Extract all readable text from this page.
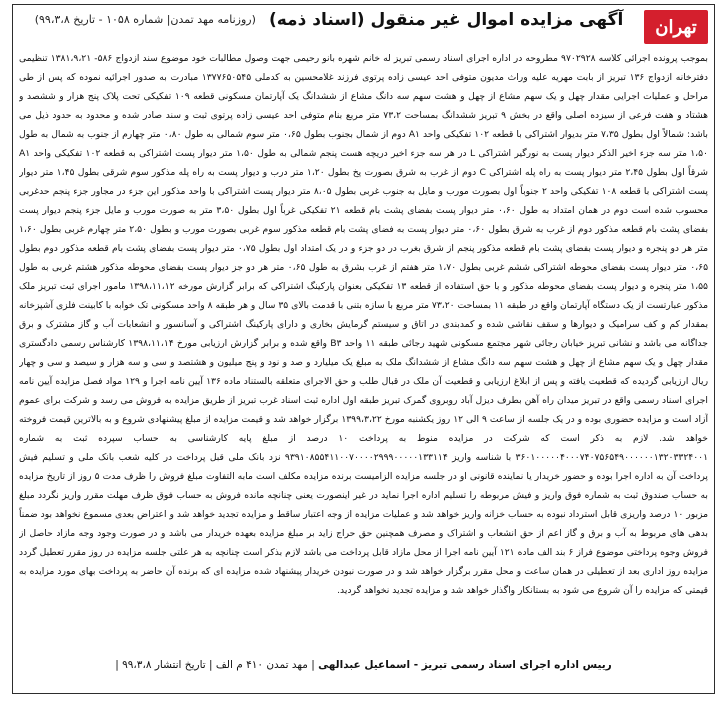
تهران
آگهی مزایده اموال غیر منقول (اسناد ذمه) (روزنامه مهد تمدن| شماره ۱۰۵۸ - تاریخ ۹۹،۳،۸)
بموجب پرونده اجرائی کلاسه ۹۷۰۲۹۲۸ مطروحه در اداره اجرای اسناد رسمی تبریز له خانم شهره بانو رحیمی جهت وصول مطالبات خود موضوع سند ازدواج ۵۸۶- ۱۳۸۱،۹،۲۱ تنظیمی دفترخانه ازدواج ۱۳۶ تبریز از بابت مهریه علیه وراث مدیون متوفی احد عیسی زاده پرتوی فرزند غلامحسین به کدملی ۱۳۷۷۶۵۰۵۴۵ مبادرت به صدور اجرائیه نموده که پس از طی مراحل و عملیات اجرایی مقدار چهل و یک سهم مشاع از چهل و هشت سهم سه دانگ مشاع از ششدانگ یک آپارتمان مسکونی قطعه ۱۰۹ تفکیکی تحت پلاک پنج هزار و ششصد و هشتاد و هفت فرعی از سیزده اصلی واقع در بخش ۹ تبریز ششدانگ بمساحت ۷۳،۲ متر مربع بنام متوفی احد عیسی زاده پرتوی ثبت و سند صادر شده و محدود به حدود ذیل می باشد: شمالاً اول بطول ۷،۳۵ متر بدیوار اشتراکی با قطعه ۱۰۲ تفکیکی واحد A۱ دوم از شمال بجنوب بطول ۰،۶۵ متر سوم شمالی به طول ۰،۸۰ متر چهارم از جنوب به شمال به طول ۱،۵۰ متر سه جزء اخیر الذکر دیوار پست به نورگیر اشتراکی L در هر سه جزء اخیر دریچه هست پنجم شمالی به طول ۱،۵۰ متر دیوار پست اشتراکی به قطعه ۱۰۲ تفکیکی واحد A۱ شرقاً اول بطول ۲،۴۵ متر دیوار پست به راه پله اشتراکی C دوم از غرب به شرق بصورت پخ بطول ۱،۲۰ متر درب و دیوار پست به راه پله مذکور سوم شرقی بطول ۱،۴۵ متر دیوار پست اشتراکی با قطعه ۱۰۸ تفکیکی واحد ۲ جنوباً اول بصورت مورب و مایل به جنوب غربی بطول ۸،۰۵ متر دیوار پست اشتراکی با واحد مذکور این جزء در مجاور جزء پنجم حدغربی محسوب شده است دوم در همان امتداد به طول ۰،۶۰ متر دیوار پست بفضای پشت بام قطعه ۲۱ تفکیکی غرباً اول بطول ۳،۵۰ متر به صورت مورب و مایل جزء پنجم دیوار پست بفضای پشت بام قطعه مذکور دوم از غرب به شرق بطول ۰،۶۰ متر دیوار پست به فضای پشت بام قطعه مذکور سوم غربی بصورت مورب و بطول ۲،۵۰ متر چهارم غربی بطول ۱،۶۰ متر هر دو پنجره و دیوار پست بفضای پشت بام قطعه مذکور پنجم از شرق بغرب در دو جزء و در یک امتداد اول بطول ۰،۷۵ متر دیوار پست بفضای پشت بام قطعه مذکور دوم بطول ۰،۶۵ متر دیوار پست بفضای محوطه اشتراکی ششم غربی بطول ۱،۷۰ متر هفتم از غرب بشرق به طول ۰،۶۵ متر هر دو جز دیوار پست بفضای محوطه مذکور هشتم غربی به طول ۱،۵۵ متر پنجره و دیوار پست بفضای محوطه مذکور و با حق استفاده از قطعه ۱۳ تفکیکی بعنوان پارکینگ اشتراکی که برابر گزارش مورخه ۱۳۹۸،۱۱،۱۲ مامور اجرای ثبت تبریز ملک مذکور عبارتست از یک دستگاه آپارتمان واقع در طبقه ۱۱ بمساحت ۷۳،۲۰ متر مربع با سازه بتنی با قدمت بالای ۳۵ سال و هر طبقه ۸ واحد مسکونی تک خوابه با کابینت فلزی آشپزخانه بمقدار کم و کف سرامیک و دیوارها و سقف نقاشی شده و کمدبندی در اتاق و سیستم گرمایش بخاری و دارای پارکینگ اشتراکی و آسانسور و انشعابات آب و گاز مشترک و برق جداگانه می باشد و نشانی تبریز خیابان رجائی شهر مجتمع مسکونی شهید رجائی طبقه ۱۱ واحد B۳ واقع شده و برابر گزارش ارزیابی مورخ ۱۳۹۸،۱۱،۱۴ کارشناس رسمی دادگستری مقدار چهل و یک سهم مشاع از چهل و هشت سهم سه دانگ مشاع از ششدانگ ملک به مبلغ یک میلیارد و صد و نود و پنج میلیون و هشتصد و سی و سه هزار و سیصد و سی و چهار ریال ارزیابی گردیده که قطعیت یافته و پس از ابلاغ ارزیابی و قطعیت آن ملک در قبال طلب و حق الاجرای متعلقه بالستناد ماده ۱۳۶ آیین نامه اجرا و ۱۲۹ مواد فصل مزایده آیین نامه اجرای اسناد رسمی واقع در تبریز میدان راه آهن بطرف دیزل آباد روبروی گمرک تبریز طبقه اول اداره ثبت اسناد غرب تبریز از طریق مزایده به فروش می رسد و شرکت برای عموم آزاد است و مزایده حضوری بوده و در یک جلسه از ساعت ۹ الی ۱۲ روز یکشنبه مورخ ۱۳۹۹،۳،۲۲ برگزار خواهد شد و قیمت مزایده از مبلغ پیشنهادی شروع و به بالاترین قیمت فروخته خواهد شد. لازم به ذکر است که شرکت در مزایده منوط به پرداخت ۱۰ درصد از مبلغ پایه کارشناسی به حساب سپرده ثبت به شماره ۳۶۰۱۰۰۰۰۰۴۰۰۰۷۴۰۷۵۶۵۴۹۰۰۰۰۰۰۱۳۲۰۳۳۲۴۰۰۱ با شناسه واریز ۹۳۹۱۰۸۵۵۴۱۱۰۰۷۰۰۰۰۲۹۹۹۰۰۰۰۰۱۳۳۱۱۴ نزد بانک ملی قبل پرداخت در کلیه شعب بانک ملی و تسلیم فیش پرداخت آن به اداره اجرا بوده و حضور خریدار یا نماینده قانونی او در جلسه مزایده الزامیست برنده مزایده مکلف است مابه التفاوت مبلغ فروش را ظرف مدت ۵ روز از تاریخ مزایده به حساب صندوق ثبت به شماره فوق واریز و فیش مربوطه را تسلیم اداره اجرا نماید در غیر اینصورت یعنی چنانچه مانده فروش به حساب فوق ظرف مهلت مقرر واریز نگردد مبلغ مزبور ۱۰ درصد واریزی قابل استرداد نبوده به حساب خزانه واریز خواهد شد و عملیات مزایده از وجه اعتبار ساقط و مزایده تجدید خواهد شد و اعتراض بعدی مسموع نخواهد بود ضمناً بدهی های مربوط به آب و برق و گاز اعم از حق انشعاب و اشتراک و مصرف همچنین حق حراج زاید بر مبلغ مزایده بعهده خریدار می باشد و در صورت وجود وجه مازاد حاصل از فروش وجوه پرداختی موضوع فراز ۶ بند الف ماده ۱۲۱ آیین نامه اجرا از محل مازاد قابل پرداخت می باشد لازم بذکر است چنانچه به هر علتی جلسه مزایده در روز مقرر تعطیل گردد مزایده روز اداری بعد از تعطیلی در همان ساعت و محل مقرر برگزار خواهد شد و در صورت نبودن خریدار پیشنهاد شده مزایده ای که برنده آن حاضر به پرداخت بهای مورد مزایده به قیمتی که مزایده را آن شروع می شود به بستانکار واگذار خواهد شد و مزایده تجدید نخواهد گردید.
رییس اداره اجرای اسناد رسمی تبریز - اسماعیل عبدالهی | مهد تمدن ۴۱۰ م الف | تاریخ انتشار ۹۹،۳،۸ |
